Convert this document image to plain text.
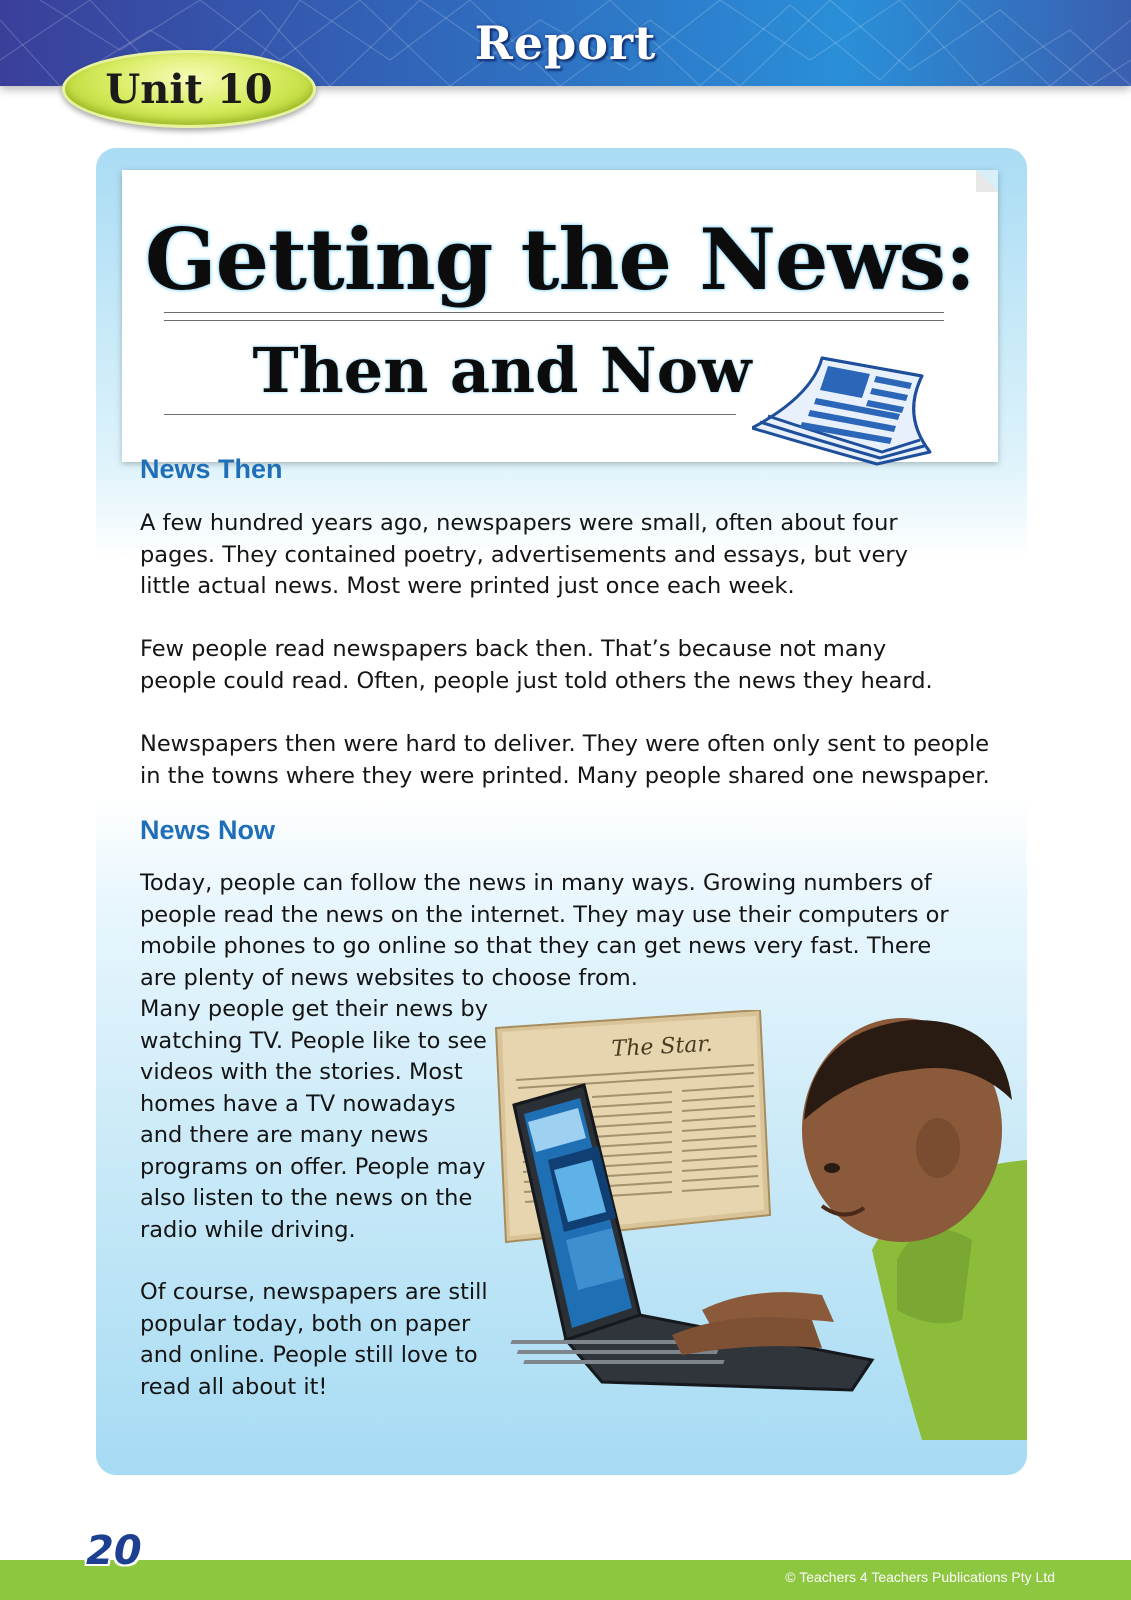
Report
Unit 10
Getting the News:
Then and Now
News Then

A few hundred years ago, newspapers were small, often about four pages. They contained poetry, advertisements and essays, but very little actual news. Most were printed just once each week.

Few people read newspapers back then. That’s because not many people could read. Often, people just told others the news they heard.

Newspapers then were hard to deliver. They were often only sent to people in the towns where they were printed. Many people shared one newspaper.

News Now

Today, people can follow the news in many ways. Growing numbers of people read the news on the internet. They may use their computers or mobile phones to go online so that they can get news very fast. There are plenty of news websites to choose from.

Many people get their news by watching TV. People like to see videos with the stories. Most homes have a TV nowadays and there are many news programs on offer. People may also listen to the news on the radio while driving.

Of course, newspapers are still popular today, both on paper and online. People still love to read all about it!

The Star.
20
© Teachers 4 Teachers Publications Pty Ltd
